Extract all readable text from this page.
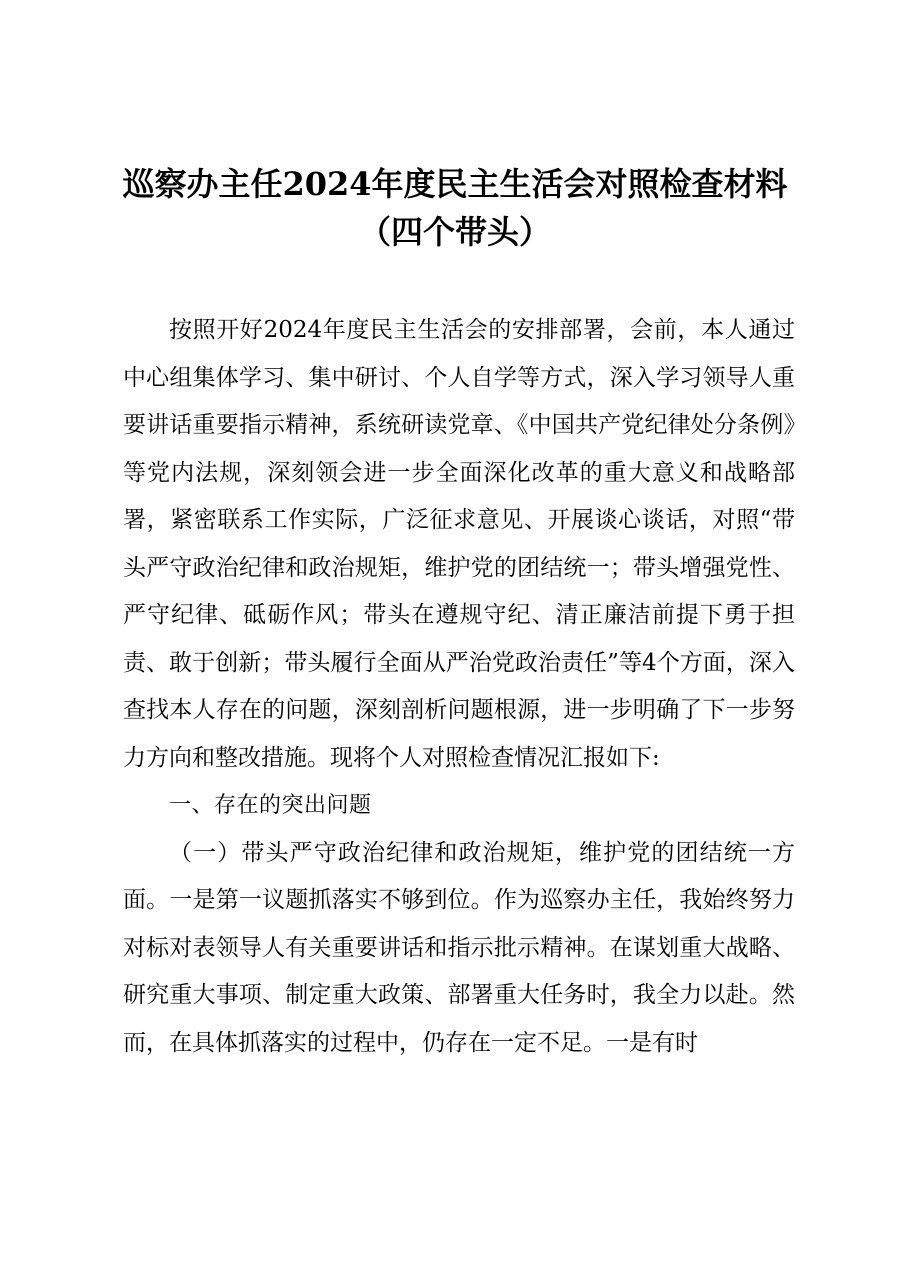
巡察办主任2024年度民主生活会对照检查材料
（四个带头）

按照开好2024年度民主生活会的安排部署，会前，本人通过中心组集体学习、集中研讨、个人自学等方式，深入学习领导人重要讲话重要指示精神，系统研读党章、《中国共产党纪律处分条例》等党内法规，深刻领会进一步全面深化改革的重大意义和战略部署，紧密联系工作实际，广泛征求意见、开展谈心谈话，对照“带头严守政治纪律和政治规矩，维护党的团结统一；带头增强党性、严守纪律、砥砺作风；带头在遵规守纪、清正廉洁前提下勇于担责、敢于创新；带头履行全面从严治党政治责任”等4个方面，深入查找本人存在的问题，深刻剖析问题根源，进一步明确了下一步努力方向和整改措施。现将个人对照检查情况汇报如下:

一、存在的突出问题

（一）带头严守政治纪律和政治规矩，维护党的团结统一方面。一是第一议题抓落实不够到位。作为巡察办主任，我始终努力对标对表领导人有关重要讲话和指示批示精神。在谋划重大战略、研究重大事项、制定重大政策、部署重大任务时，我全力以赴。然而，在具体抓落实的过程中，仍存在一定不足。一是有时
